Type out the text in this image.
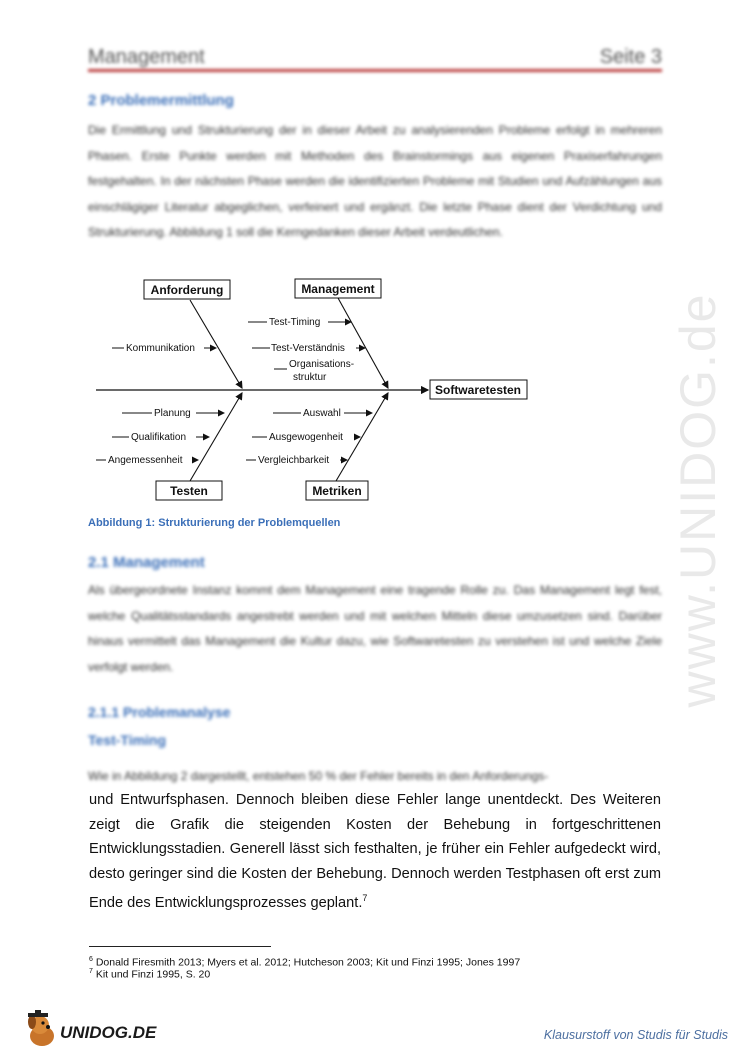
Management	Seite 3
2 Problemermittlung
Die Ermittlung und Strukturierung der in dieser Arbeit zu analysierenden Probleme erfolgt in mehreren Phasen. Erste Punkte werden mit Methoden des Brainstormings aus eigenen Praxiserfahrungen festgehalten. In der nächsten Phase werden die identifizierten Probleme mit Studien und Aufzählungen aus einschlägiger Literatur abgeglichen, verfeinert und ergänzt. Die letzte Phase dient der Verdichtung und Strukturierung. Abbildung 1 soll die Kerngedanken dieser Arbeit verdeutlichen.
Anforderung	Management
Testen	Metriken
Softwaretesten
Kommunikation
Test-Timing
Test-Verständnis
Organisations-
struktur
Planung
Qualifikation
Angemessenheit
Auswahl
Ausgewogenheit
Vergleichbarkeit
Abbildung 1: Strukturierung der Problemquellen
2.1 Management
Als übergeordnete Instanz kommt dem Management eine tragende Rolle zu. Das Management legt fest, welche Qualitätsstandards angestrebt werden und mit welchen Mitteln diese umzusetzen sind. Darüber hinaus vermittelt das Management die Kultur dazu, wie Softwaretesten zu verstehen ist und welche Ziele verfolgt werden.
2.1.1 Problemanalyse
Test-Timing
Wie in Abbildung 2 dargestellt, entstehen 50 % der Fehler bereits in den Anforderungs-
und Entwurfsphasen. Dennoch bleiben diese Fehler lange unentdeckt. Des Weiteren zeigt die Grafik die steigenden Kosten der Behebung in fortgeschrittenen Entwicklungsstadien. Generell lässt sich festhalten, je früher ein Fehler aufgedeckt wird, desto geringer sind die Kosten der Behebung. Dennoch werden Testphasen oft erst zum Ende des Entwicklungsprozesses geplant.$^7$
$^6$ Donald Firesmith 2013; Myers et al. 2012; Hutcheson 2003; Kit und Finzi 1995; Jones 1997
$^7$ Kit und Finzi 1995, S. 20
www.UNIDOG.de
UNIDOG.DE	Klausurstoff von Studis für Studis
